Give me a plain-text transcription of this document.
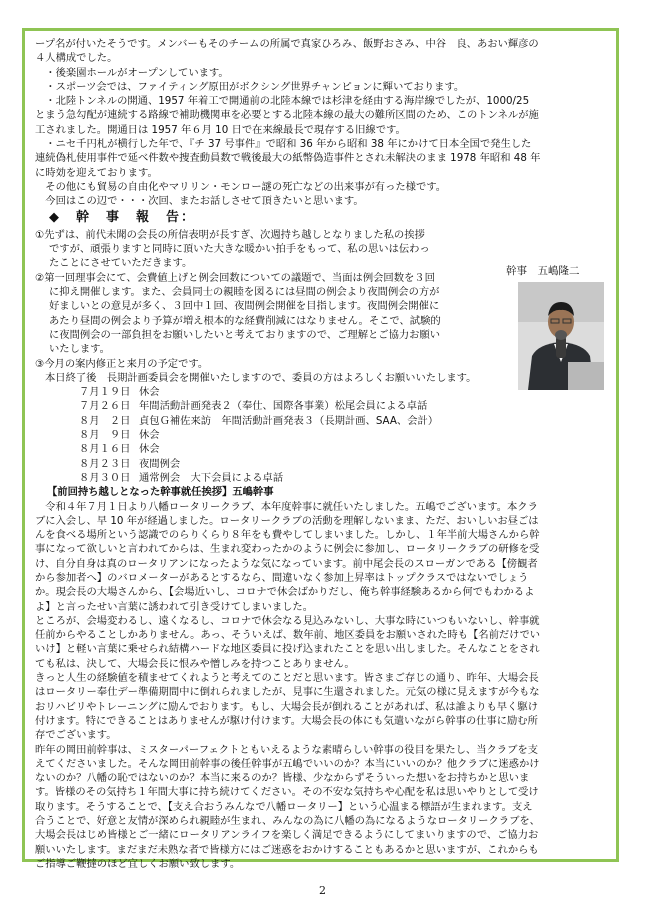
ープ名が付いたそうです。メンバーもそのチームの所属で真家ひろみ、飯野おさみ、中谷　良、あおい輝彦の
４人構成でした。
　・後楽園ホールがオープンしています。
　・スポーツ会では、ファイティング原田がボクシング世界チャンピョンに輝いております。
　・北陸トンネルの開通、1957 年着工で開通前の北陸本線では杉津を経由する海岸線でしたが、1000/25
とまう急勾配が連続する路線で補助機関車を必要とする北陸本線の最大の難所区間のため、このトンネルが施
工されました。開通日は 1957 年６月 10 日で在来線最長で現存する旧線です。
　・ニセ千円札が横行した年で、『チ 37 号事件』で昭和 36 年から昭和 38 年にかけて日本全国で発生した
連続偽札使用事件で延べ件数や捜査動員数で戦後最大の紙幣偽造事件とされ未解決のまま 1978 年昭和 48 年
に時効を迎えております。
　その他にも貿易の自由化やマリリン・モンロー謎の死亡などの出来事が有った様です。
　今回はこの辺で・・・次回、またお話しさせて頂きたいと思います。
◆　幹　事　報　告：
①先ずは、前代未聞の会長の所信表明が長すぎ、次週持ち越しとなりました私の挨拶
ですが、頑張りますと同時に頂いた大きな暖かい拍手をもって、私の思いは伝わっ
たことにさせていただきます。
②第一回理事会にて、会費値上げと例会回数についての議題で、当面は例会回数を３回
に抑え開催します。また、会員同士の親睦を図るには昼間の例会より夜間例会の方が
好ましいとの意見が多く、３回中１回、夜間例会開催を目指します。夜間例会開催に
あたり昼間の例会より予算が増え根本的な経費削減にはなりません。そこで、試験的
に夜間例会の一部負担をお願いしたいと考えておりますので、ご理解とご協力お願い
いたします。
③今月の案内修正と来月の予定です。
本日終了後　長期計画委員会を開催いたしますので、委員の方はよろしくお願いいたします。
７月１９日 休会
７月２６日 年間活動計画発表２（奉仕、国際各事業）松尾会員による卓話
８月　２日 貞包Ｇ補佐来訪　年間活動計画発表３（長期計画、SAA、会計）
８月　９日 休会
８月１６日 休会
８月２３日 夜間例会
８月３０日 通常例会　大下会員による卓話
【前回持ち越しとなった幹事就任挨拶】五嶋幹事
　令和４年７月１日より八幡ロータリークラブ、本年度幹事に就任いたしました。五嶋でございます。本クラ
ブに入会し、早 10 年が経過しました。ロータリークラブの活動を理解しないまま、ただ、おいしいお昼ごは
んを食べる場所という認識でのらりくらり８年をも費やしてしまいました。しかし、１年半前大場さんから幹
事になって欲しいと言われてからは、生まれ変わったかのように例会に参加し、ロータリークラブの研修を受
け、自分自身は真のロータリアンになったような気になっています。前中尾会長のスローガンである【傍観者
から参加者へ】のバロメーターがあるとするなら、間違いなく参加上昇率はトップクラスではないでしょう
か。現会長の大場さんから、【会場近いし、コロナで休会ばかりだし、俺ち幹事経験あるから何でもわかるよ
よ】と言ったせい言葉に誘われて引き受けてしまいました。
ところが、会場変わるし、遠くなるし、コロナで休会なる見込みないし、大事な時にいつもいないし、幹事就
任前からやることしかありません。あっ、そういえば、数年前、地区委員をお願いされた時も【名前だけでい
いけ】と軽い言葉に乗せられ結構ハードな地区委員に投げ込まれたことを思い出しました。そんなことをされ
ても私は、決して、大場会長に恨みや憎しみを持つことありません。
きっと人生の経験値を積ませてくれようと考えてのことだと思います。皆さまご存じの通り、昨年、大場会長
はロータリー奉仕デー準備期間中に倒れられましたが、見事に生還されました。元気の様に見えますが今もな
おリハビリやトレーニングに励んでおります。もし、大場会長が倒れることがあれば、私は誰よりも早く駆け
付けます。特にできることはありませんが駆け付けます。大場会長の体にも気遣いながら幹事の仕事に励む所
存でございます。
昨年の岡田前幹事は、ミスターパーフェクトともいえるような素晴らしい幹事の役目を果たし、当クラブを支
えてくださいました。そんな岡田前幹事の後任幹事が五嶋でいいのか？本当にいいのか？他クラブに迷惑かけ
ないのか？八幡の恥ではないのか？本当に来るのか？皆様、少なからずそういった想いをお持ちかと思いま
す。皆様のその気持ち１年間大事に持ち続けてください。その不安な気持ちや心配を私は思いやりとして受け
取ります。そうすることで、【支え合おうみんなで八幡ロータリー】という心温まる標語が生まれます。支え
合うことで、好意と友情が深められ親睦が生まれ、みんなの為に八幡の為になるようなロータリークラブを、
大場会長はじめ皆様とご一緒にロータリアンライフを楽しく満足できるようにしてまいりますので、ご協力お
願いいたします。まだまだ未熟な者で皆様方にはご迷惑をおかけすることもあるかと思いますが、これからも
ご指導ご鞭撻のほど宜しくお願い致します。
幹事　五嶋隆二
2
